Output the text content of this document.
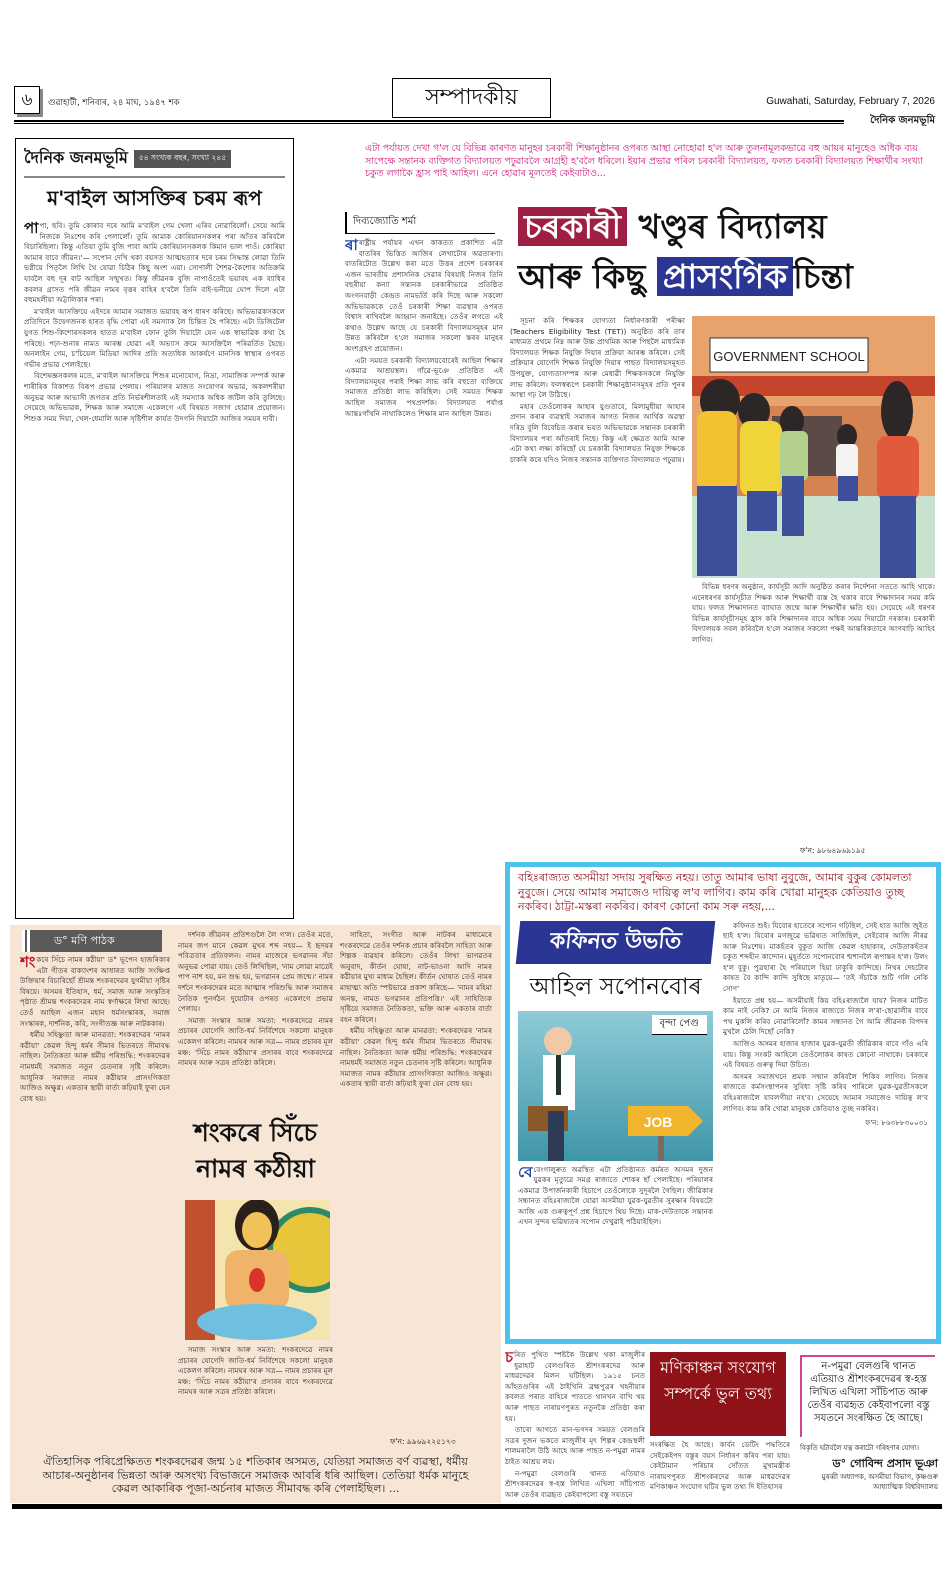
৬	গুৱাহাটী, শনিবাৰ, ২৪ মাঘ, ১৯৪৭ শক	সম্পাদকীয়	Guwahati, Saturday, February 7, 2026
দৈনিক জনমভূমি
দৈনিক জনমভূমি	৫৪ সংখ্যক বছৰ, সংখ্যা ২৪৫
ম'বাইল আসক্তিৰ চৰম ৰূপ

পাপা, ছবি। তুমি কোৰাব দৰে আমি ম'বাইল গেম খেলা এৰিব নোৱাৰিলোঁ। সেয়ে আমি নিজকে নিঃশেষ কৰি পেলালোঁ। তুমি আমাক কোৰিয়ানসকলৰ পৰা আঁতৰ কৰিবলৈ বিচাৰিছিলা। কিন্তু এতিয়া তুমি বুজি পাবা আমি কোৰিয়ানসকলক কিমান ভাল পাওঁ। কোৰিয়া আমাৰ বাবে জীৱন।'— সপোন দেখি থকা বয়সত আত্মহত্যাৰ দৰে চৰম সিদ্ধান্ত লোৱা তিনি ভগ্নীয়ে পিতৃলৈ লিখি থৈ যোৱা চিঠিৰ কিছু অংশ এয়া। সোণালী শৈশৱ-কৈশোৰ অতিক্ৰমি যাবলৈ বহু দূৰ বাট আছিল সন্মুখত। কিন্তু জীৱনক বুজি নাপাওঁতেই ভয়াবহ এক ব্যাধিৰ কবলৰ গ্ৰাসত পৰি জীৱন নামৰ বৃত্তৰ বাহিৰ হ'বলৈ তিনি বাই-ভনীয়ে ঘোপ দিলে এটা বহুমহলীয়া অট্টালিকাৰ পৰা।

ম'বাইল আসক্তিয়ে এইদৰে আমাৰ সমাজত ভয়াবহ ৰূপ ধাৰণ কৰিছে। অভিভাৱকসকলে প্ৰতিদিনে উদ্বেগজনক হাৰত বৃদ্ধি পোৱা এই সমস্যাক লৈ চিন্তিত হৈ পৰিছে। এটা ডিজিটেল যুগত শিশু-কিশোৰসকলৰ হাতত ম'বাইল ফোন তুলি দিয়াটো যেন এক স্বাভাৱিক কথা হৈ পৰিছে। পঢ়া-শুনাৰ নামত আৰম্ভ হোৱা এই অভ্যাস ক্ৰমে আসক্তিলৈ পৰিৱৰ্তিত হৈছে। অনলাইন গেম, চ'চিয়েল মিডিয়া আদিৰ প্ৰতি অত্যধিক আকৰ্ষণে মানসিক স্বাস্থ্যৰ ওপৰত গভীৰ প্ৰভাৱ পেলাইছে।

বিশেষজ্ঞসকলৰ মতে, ম'বাইল আসক্তিয়ে শিশুৰ মনোযোগ, নিদ্ৰা, সামাজিক সম্পৰ্ক আৰু শাৰীৰিক বিকাশত বিৰূপ প্ৰভাৱ পেলায়। পৰিয়ালৰ মাজত সংযোগৰ অভাৱ, অকলশৰীয়া অনুভৱ আৰু আভাসী জগতৰ প্ৰতি নিৰ্ভৰশীলতাই এই সমস্যাক অধিক জটিল কৰি তুলিছে। সেয়েহে অভিভাৱক, শিক্ষক আৰু সমাজে একেলগে এই বিষয়ত সজাগ হোৱাৰ প্ৰয়োজন। শিশুক সময় দিয়া, খেল-ধেমালি আৰু সৃষ্টিশীল কাৰ্যত উদগনি দিয়াটো আজিৰ সময়ৰ দাবী।

এটা পৰ্যায়ত দেখা গ'ল যে বিভিন্ন কাৰণত মানুহৰ চৰকাৰী শিক্ষানুষ্ঠানৰ ওপৰত আস্থা নোহোৱা হ'ল আৰু তুলনামূলকভাৱে বহু আয়ৰ মানুহেও অধিক ব্যয় সাপেক্ষে সন্তানক ব্যক্তিগত বিদ্যালয়ত পঢ়ুৱাবলৈ আগ্ৰহী হ'বলৈ ধৰিলে। ইয়াৰ প্ৰভাৱ পৰিল চৰকাৰী বিদ্যালয়ত, ফলত চৰকাৰী বিদ্যালয়ত শিক্ষাৰ্থীৰ সংখ্যা চকুত লগাকৈ হ্ৰাস পাই আহিল। এনে হোৱাৰ মূলতেই কেইবাটাও...
দিব্যজ্যোতি শৰ্মা	চৰকাৰী খণ্ডুৰ বিদ্যালয়
আৰু কিছু প্ৰাসংগিক চিন্তা

ৰাৰাষ্ট্ৰীয় পৰ্যায়ৰ এখন কাকতত প্ৰকাশিত এটা বাতৰিৰ ভিত্তিত আজিৰ লেখাটোৰ অৱতাৰণা। বাতৰিটোত উল্লেখ কৰা মতে উত্তৰ প্ৰদেশ চৰকাৰৰ এজন ভাৰতীয় প্ৰশাসনিক সেৱাৰ বিষয়াই নিজৰ তিনি বছৰীয়া কন্যা সন্তানক চৰকাৰীভাৱে প্ৰতিষ্ঠিত অংগনবাড়ী কেন্দ্ৰত নামভৰ্তি কৰি দিছে আৰু সকলো অভিভাৱককে তেওঁ চৰকাৰী শিক্ষা ব্যৱস্থাৰ ওপৰত বিশ্বাস ৰাখিবলৈ আহ্বান জনাইছে। তেওঁৰ লগতে এই কথাও উল্লেখ আছে যে চৰকাৰী বিদ্যালয়সমূহৰ মান উন্নত কৰিবলৈ হ'লে সমাজৰ সকলো স্তৰৰ মানুহৰ অংশগ্ৰহণ প্ৰয়োজন।

এটা সময়ত চৰকাৰী বিদ্যালয়বোৰেই আছিল শিক্ষাৰ একমাত্ৰ আশ্ৰয়স্থল। গাঁৱে-ভূঞে প্ৰতিষ্ঠিত এই বিদ্যালয়সমূহৰ পৰাই শিক্ষা লাভ কৰি বহুতো ব্যক্তিয়ে সমাজত প্ৰতিষ্ঠা লাভ কৰিছিল। সেই সময়ত শিক্ষক আছিল সমাজৰ পথপ্ৰদৰ্শক। বিদ্যালয়ত পৰ্যাপ্ত আন্তঃগাঁথনি নাথাকিলেও শিক্ষাৰ মান আছিল উন্নত।

সূচনা কৰি শিক্ষকৰ যোগ্যতা নিৰ্ধাৰণকাৰী পৰীক্ষা (Teachers Eligibility Test (TET)) অনুষ্ঠিত কৰি তাৰ মাধ্যমত প্ৰথমে নিম্ন আৰু উচ্চ প্ৰাথমিক আৰু পিছলৈ মাধ্যমিক বিদ্যালয়ত শিক্ষক নিযুক্তি দিয়াৰ প্ৰক্ৰিয়া আৰম্ভ কৰিলে। সেই প্ৰক্ৰিয়াৰ যোগেদি শিক্ষক নিযুক্তি দিয়াৰ পাছত বিদ্যালয়সমূহত উপযুক্ত, যোগ্যতাসম্পন্ন আৰু মেধাৱী শিক্ষকসকলে নিযুক্তি লাভ কৰিলে। ফলস্বৰূপে চৰকাৰী শিক্ষানুষ্ঠানসমূহৰ প্ৰতি পুনৰ আস্থা গঢ় লৈ উঠিছে।

মহাৰ তেওঁলোকৰ আহাৰ যুগুতাবে, মিলামুধীয়া আহাৰ প্ৰদান কৰাৰ ব্যৱস্থাই সমাজৰ আগত নিজৰ আৰ্থিক অৱস্থা দৰিদ্ৰ বুলি বিবেচিত কৰাৰ ভয়ত অভিভাৱকে সন্তানক চৰকাৰী বিদ্যালয়ৰ পৰা আঁতৰাই নিছে। কিন্তু এই ক্ষেত্ৰত আমি আৰু এটা কথা লক্ষ্য কৰিছোঁ যে চৰকাৰী বিদ্যালয়ত নিযুক্ত শিক্ষকে চাকৰি কৰে যদিও নিজৰ সন্তানক ব্যক্তিগত বিদ্যালয়ত পঢ়ুৱায়।

GOVERNMENT SCHOOL

বিভিন্ন ধৰণৰ অনুষ্ঠান, কাৰ্যসূচী আদি অনুষ্ঠিত কৰাৰ নিৰ্দেশনা সততে আহি থাকে। এনেধৰণৰ কাৰ্যসূচীত শিক্ষক আৰু শিক্ষাৰ্থী ব্যস্ত হৈ থকাৰ বাবে শিক্ষাদানৰ সময় কমি যায়। ফলত শিক্ষাদানত ব্যাঘাত জন্মে আৰু শিক্ষাৰ্থীৰ ক্ষতি হয়। সেয়েহে এই ধৰণৰ বিভিন্ন কাৰ্যসূচীসমূহ হ্ৰাস কৰি শিক্ষাদানৰ বাবে অধিক সময় দিয়াটো দৰকাৰ। চৰকাৰী বিদ্যালয়ক সবল কৰিবলৈ হ'লে সমাজৰ সকলো পক্ষই আন্তৰিকতাৰে আগবাঢ়ি আহিব লাগিব।

ফ'ন: ৯৮৬৪৯৬৯১৯৫
বহিঃৰাজ্যত অসমীয়া সদায় সুৰক্ষিত নহয়। তাতু আমাৰ ভাষা নুবুজে, আমাৰ বুকুৰ কোমলতা নুবুজে। সেয়ে আমাৰ সমাজেও দায়িত্ব ল'ব লাগিব। কাম কৰি খোৱা মানুহক কেতিয়াও তুচ্ছ নকৰিব। ঠাট্টা-মস্কৰা নকৰিব। কাৰণ কোনো কাম সৰু নহয়,...
কফিনত উভতি
আহিল সপোনবোৰ
বৃন্দা পেগু
JOB

বেবেংগালুৰুত অৱস্থিত এটা প্ৰতিষ্ঠানত কৰ্মৰত অসমৰ দুজন যুৱকৰ মৃত্যুৱে সমগ্ৰ ৰাজ্যতে শোকৰ ছাঁ পেলাইছে। পৰিয়ালৰ একমাত্ৰ উপাৰ্জনকাৰী হিচাপে তেওঁলোকে সুদূৰলৈ গৈছিল। জীৱিকাৰ সন্ধানত বহিঃৰাজ্যলৈ যোৱা অসমীয়া যুৱক-যুৱতীৰ সুৰক্ষাৰ বিষয়টো আজি এক গুৰুত্বপূৰ্ণ প্ৰশ্ন হিচাপে থিয় দিছে। মাক-দেউতাকে সন্তানক এখন সুন্দৰ ভৱিষ্যতৰ সপোন দেখুৱাই পঠিয়াইছিল।

কফিনত শুই। যিবোৰ হাতেৰে সপোন গঢ়িছিল, সেই হাত আজি জুইত ছাই হ'ল। যিবোৰ মগজুৱে ভৱিষ্যত সাজিছিল, সেইবোৰ আজি নীৰৱ আৰু নিঃশেষ। মাকহঁতৰ বুকুত আজি কেৱল হাহাকাৰ, দেউতাকহঁতৰ চকুত শব্দহীন কান্দোন। মুহূৰ্ততে সপোনবোৰ শ্মশানলৈ ৰূপান্তৰ হ'ল। উলং হ'ল বুকু। পুত্ৰহাৰা হৈ পৰিয়ালে হিয়া ঢাকুৰি কান্দিছে। নিথৰ দেহটোৰ কাষত বৈ কান্দি কান্দি সুধিছে মাতৃয়ে— 'তই সঁচাকৈ শুটি গলি নেকি সোণ'

ইয়াতে প্ৰশ্ন হয়— অসমীয়াই কিয় বহিঃৰাজ্যলৈ যায়? নিজৰ মাটিত কাম নাই নেকি? নে আমি নিজৰ ৰাজ্যতে নিজৰ ল'ৰা-ছোৱালীৰ বাবে পথ মুকলি কৰিব নোৱাৰিলোঁ? কামৰ সন্ধানত গৈ আমি জীৱনক বিপদৰ মুখলৈ ঠেলি দিছোঁ নেকি?

আজিও অসমৰ হাজাৰ হাজাৰ যুৱক-যুৱতী জীৱিকাৰ বাবে গাঁও এৰি যায়। কিন্তু সংকট আহিলে তেওঁলোকৰ কাষত কোনো নাথাকে। চৰকাৰে এই বিষয়ত গুৰুত্ব দিয়া উচিত।

অসমৰ সমাজখনে শ্ৰমক সন্মান কৰিবলৈ শিকিব লাগিব। নিজৰ ৰাজ্যতে কৰ্মসংস্থাপনৰ সুবিধা সৃষ্টি কৰিব পাৰিলে যুৱক-যুৱতীসকলে বহিঃৰাজ্যলৈ যাবলগীয়া নহ'ব। সেয়েহে আমাৰ সমাজেও দায়িত্ব ল'ব লাগিব। কাম কৰি খোৱা মানুহক কেতিয়াও তুচ্ছ নকৰিব।

ফ'ন: ৮৬৩৮৮৩০০৩১
ড° মণি পাঠক

শংকৰে সিঁচে নামৰ কঠীয়া' ড° ভূপেন হাজৰিকাৰ এটা গীতৰ বাক্যাংশৰ আধাৰত আজি সংক্ষিপ্ত উক্তিয়াৰ বিচাৰিছোঁ শ্ৰীমন্ত শংকৰদেৱৰ যুগমীয়া সৃষ্টিৰ বিষয়ে। অসমৰ ইতিহাস, ধৰ্ম, সমাজ আৰু সংস্কৃতিৰ পৃষ্ঠাত শ্ৰীমন্ত শংকৰদেৱৰ নাম স্বৰ্ণাক্ষৰে লিখা আছে। তেওঁ আছিল এজন মহান ধৰ্মসংস্কাৰক, সমাজ সংস্কাৰক, দাৰ্শনিক, কবি, সংগীতজ্ঞ আৰু নাটককাৰ।

ধৰ্মীয় সহিষ্ণুতা আৰু মানৱতা: শংকৰদেৱৰ 'নামৰ কঠীয়া' কেৱল হিন্দু ধৰ্মৰ সীমাৰ ভিতৰতে সীমাবদ্ধ নাছিল। নৈতিকতা আৰু ধৰ্মীয় পৰিশুদ্ধি: শংকৰদেৱৰ নামধৰ্মই সমাজত নতুন চেতনাৰ সৃষ্টি কৰিলে। আধুনিক সমাজত নামৰ কঠীয়াৰ প্ৰাসংগিকতা আজিও অক্ষুণ্ণ। একতাৰ স্থায়ী বাৰ্তা কঢ়িয়াই ফুৰা যেন বোধ হয়।

দৰ্শনক জীৱনৰ প্ৰতিশগুলৈ লৈ গ'ল। তেওঁৰ মতে, নামৰ জপ মানে কেৱল মুখৰ শব্দ নহয়— ই হৃদয়ৰ পবিত্ৰতাৰ প্ৰতিফলন। নামৰ মাজেৰে ভগৱানৰ সঁচা অনুভৱ পোৱা যায়। তেওঁ লিখিছিল, 'নাম লোৱা মাত্ৰেই পাপ নাশ হয়, মন শুদ্ধ হয়, ভগৱানৰ প্ৰেম জন্মে।' নামৰ দৰ্শনে শংকৰদেৱৰ মতে আত্মাৰ পৰিশুদ্ধি আৰু সমাজৰ নৈতিক পুনৰ্গঠন দুয়োটাৰ ওপৰত একেলগে প্ৰভাৱ পেলায়।

সমাজ সংস্কাৰ আৰু সমতা: শংকৰদেৱে নামৰ প্ৰচাৰৰ যোগেদি জাতি-ধৰ্ম নিৰ্বিশেষে সকলো মানুহক একেলগ কৰিলে। নামঘৰ আৰু সত্ৰ— নামৰ প্ৰচাৰৰ মূল মঞ্চ: 'সিঁচে নামৰ কঠীয়া'ৰ প্ৰসাৰৰ বাবে শংকৰদেৱে নামঘৰ আৰু সত্ৰৰ প্ৰতিষ্ঠা কৰিলে।

শংকৰে সিঁচে
নামৰ কঠীয়া

সমাজ সংস্কাৰ আৰু সমতা: শংকৰদেৱে নামৰ প্ৰচাৰৰ যোগেদি জাতি-ধৰ্ম নিৰ্বিশেষে সকলো মানুহক একেলগ কৰিলে। নামঘৰ আৰু সত্ৰ— নামৰ প্ৰচাৰৰ মূল মঞ্চ: 'সিঁচে নামৰ কঠীয়া'ৰ প্ৰসাৰৰ বাবে শংকৰদেৱে নামঘৰ আৰু সত্ৰৰ প্ৰতিষ্ঠা কৰিলে।

সাহিত্য, সংগীত আৰু নাটকৰ মাধ্যমেৰে শংকৰদেৱে তেওঁৰ দৰ্শনক প্ৰচাৰ কৰিবলৈ সাহিত্য আৰু শিল্পক ব্যৱহাৰ কৰিলে। তেওঁৰ লিখা ভাগৱতৰ অনুবাদ, কীৰ্তন ঘোষা, নাট-ভাওনা আদি নামৰ কঠীয়াৰ মুখ্য মাধ্যম হৈছিল। কীৰ্তন ঘোষাত তেওঁ নামৰ মাহাত্ম্য অতি স্পষ্টভাৱে প্ৰকাশ কৰিছে— 'নামৰ মহিমা অনন্ত, নামত ভগৱানৰ প্ৰতিপত্তি।' এই সাহিত্যিক সৃষ্টিয়ে সমাজত নৈতিকতা, ভক্তি আৰু একতাৰ বাৰ্তা বহন কৰিলে।

ধৰ্মীয় সহিষ্ণুতা আৰু মানৱতা: শংকৰদেৱৰ 'নামৰ কঠীয়া' কেৱল হিন্দু ধৰ্মৰ সীমাৰ ভিতৰতে সীমাবদ্ধ নাছিল। নৈতিকতা আৰু ধৰ্মীয় পৰিশুদ্ধি: শংকৰদেৱৰ নামধৰ্মই সমাজত নতুন চেতনাৰ সৃষ্টি কৰিলে। আধুনিক সমাজত নামৰ কঠীয়াৰ প্ৰাসংগিকতা আজিও অক্ষুণ্ণ। একতাৰ স্থায়ী বাৰ্তা কঢ়িয়াই ফুৰা যেন বোধ হয়।

ফ'ন: ৯৯৬৯২২৫১৭৩
ঐতিহাসিক পৰিপ্ৰেক্ষিতত শংকৰদেৱৰ জন্ম ১৫ শতিকাৰ অসমত, যেতিয়া সমাজত বৰ্ণ ব্যৱস্থা, ধৰ্মীয় আচাৰ-অনুষ্ঠানৰ ভিন্নতা আৰু অসংখ্য বিভাজনে সমাজক আবৰি ধৰি আছিল। তেতিয়া ধৰ্মক মানুহে কেৱল আকাৰিক পূজা-অৰ্চনাৰ মাজত সীমাবদ্ধ কৰি পেলাইছিল। ...

চৰিত পুথিত স্পষ্টকৈ উল্লেখ থকা মাজুলীৰ ধুৱাহাট বেলগুৰিত শ্ৰীশংকৰদেৱ আৰু মাধৱদেৱৰ মিলন ঘটিছিল। ১৯১৫ চনত আঁহতগুৰিৰ এই ঠাইখিনি ব্ৰহ্মপুত্ৰৰ খহনীয়াৰ কবলত পৰাত বাহিৰে পাততে থানখন বাখি থয় আৰু পাছত নাৰায়ণপুৰত নতুনকৈ প্ৰতিষ্ঠা কৰা হয়।

তাৰো আগতে মান-ভগদৰ সময়ত বেলগুৰি সত্ৰৰ দুজন ভকতে মাজুলীৰ মৃৎ শিল্পৰ কেন্দ্ৰস্থলী শালমৰালৈ উঠি আহে আৰু পাছত ন-পমুৱা নামৰ ঠাইত আশ্ৰয় লয়।

ন-পমুৱা বেলগুৰি থানত এতিয়াও শ্ৰীশংকৰদেৱৰ স্ব-হস্ত লিখিত এখিলা সাঁচিপাত আৰু তেওঁৰ ব্যৱহৃত কেইবাপলো বস্তু সযতনে

মণিকাঞ্চন সংযোগ সম্পৰ্কে ভুল তথ্য

সংৰক্ষিত হৈ আছে। কাৰ্বন ডেটিং পদ্ধতিৰে সেইকেইপদ বস্তুৰ বয়স নিৰ্ধাৰণ কৰিব পৰা যায়। কেইটামান পৰিচাৰ সোঁতত মুখামন্ত্ৰীক নাৰায়ণপুৰত শ্ৰীশংকৰদেৱ আৰু মাধৱদেৱৰ মণিকাঞ্চন সংযোগ ঘটিব ভুল তথ্য দি ইতিহাসৰ

ন-পমুৱা বেলগুৰি থানত এতিয়াও শ্ৰীশংকৰদেৱৰ স্ব-হস্ত লিখিত এখিলা সাঁচিপাত আৰু তেওঁৰ ব্যৱহৃত কেইবাপলো বস্তু সযতনে সংৰক্ষিত হৈ আছে।
বিকৃতি ঘটাবলৈ যত্ন কৰাটো গৰিহণাৰ যোগ্য।
ড° গোবিন্দ প্ৰসাদ ভূঞা
মুৰব্বী অধ্যাপক, অসমীয়া বিভাগ, কৃষ্ণগুৰু আধ্যাত্মিক বিশ্ববিদ্যালয়
